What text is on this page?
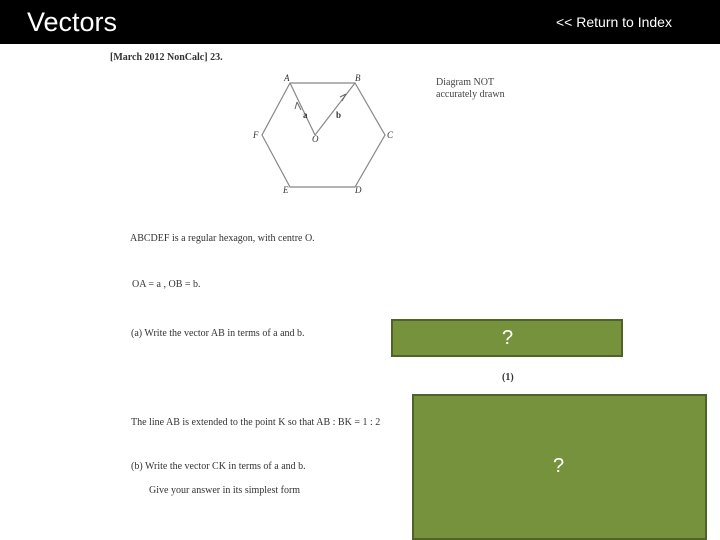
Vectors	<< Return to Index
[March 2012 NonCalc] 23.
A	B
C
D
E
F	O
a	b
Diagram NOT
accurately drawn
ABCDEF is a regular hexagon, with centre O.
OA = a , OB = b.
(a) Write the vector AB in terms of a and b.
(1)
The line AB is extended to the point K so that AB : BK = 1 : 2
(b) Write the vector CK in terms of a and b.
Give your answer in its simplest form
?
?
